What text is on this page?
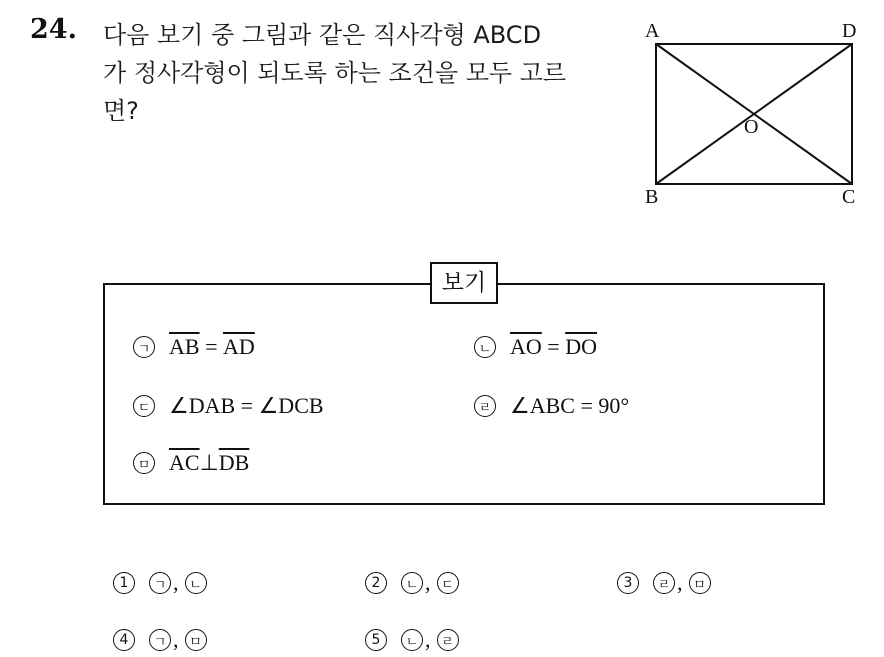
24. 다음 보기 중 그림과 같은 직사각형 ABCD
가 정사각형이 되도록 하는 조건을 모두 고르
면?
A	D
B	C
O
보기
ㄱ $\overline{AB} = \overline{AD}$	ㄴ $\overline{AO} = \overline{DO}$
ㄷ ∠DAB = ∠DCB	ㄹ ∠ABC = 90°
ㅁ $\overline{AC}$ ⊥ $\overline{DB}$
1	ㄱ , ㄴ	2	ㄴ , ㄷ	3	ㄹ , ㅁ
4	ㄱ , ㅁ	5	ㄴ , ㄹ
